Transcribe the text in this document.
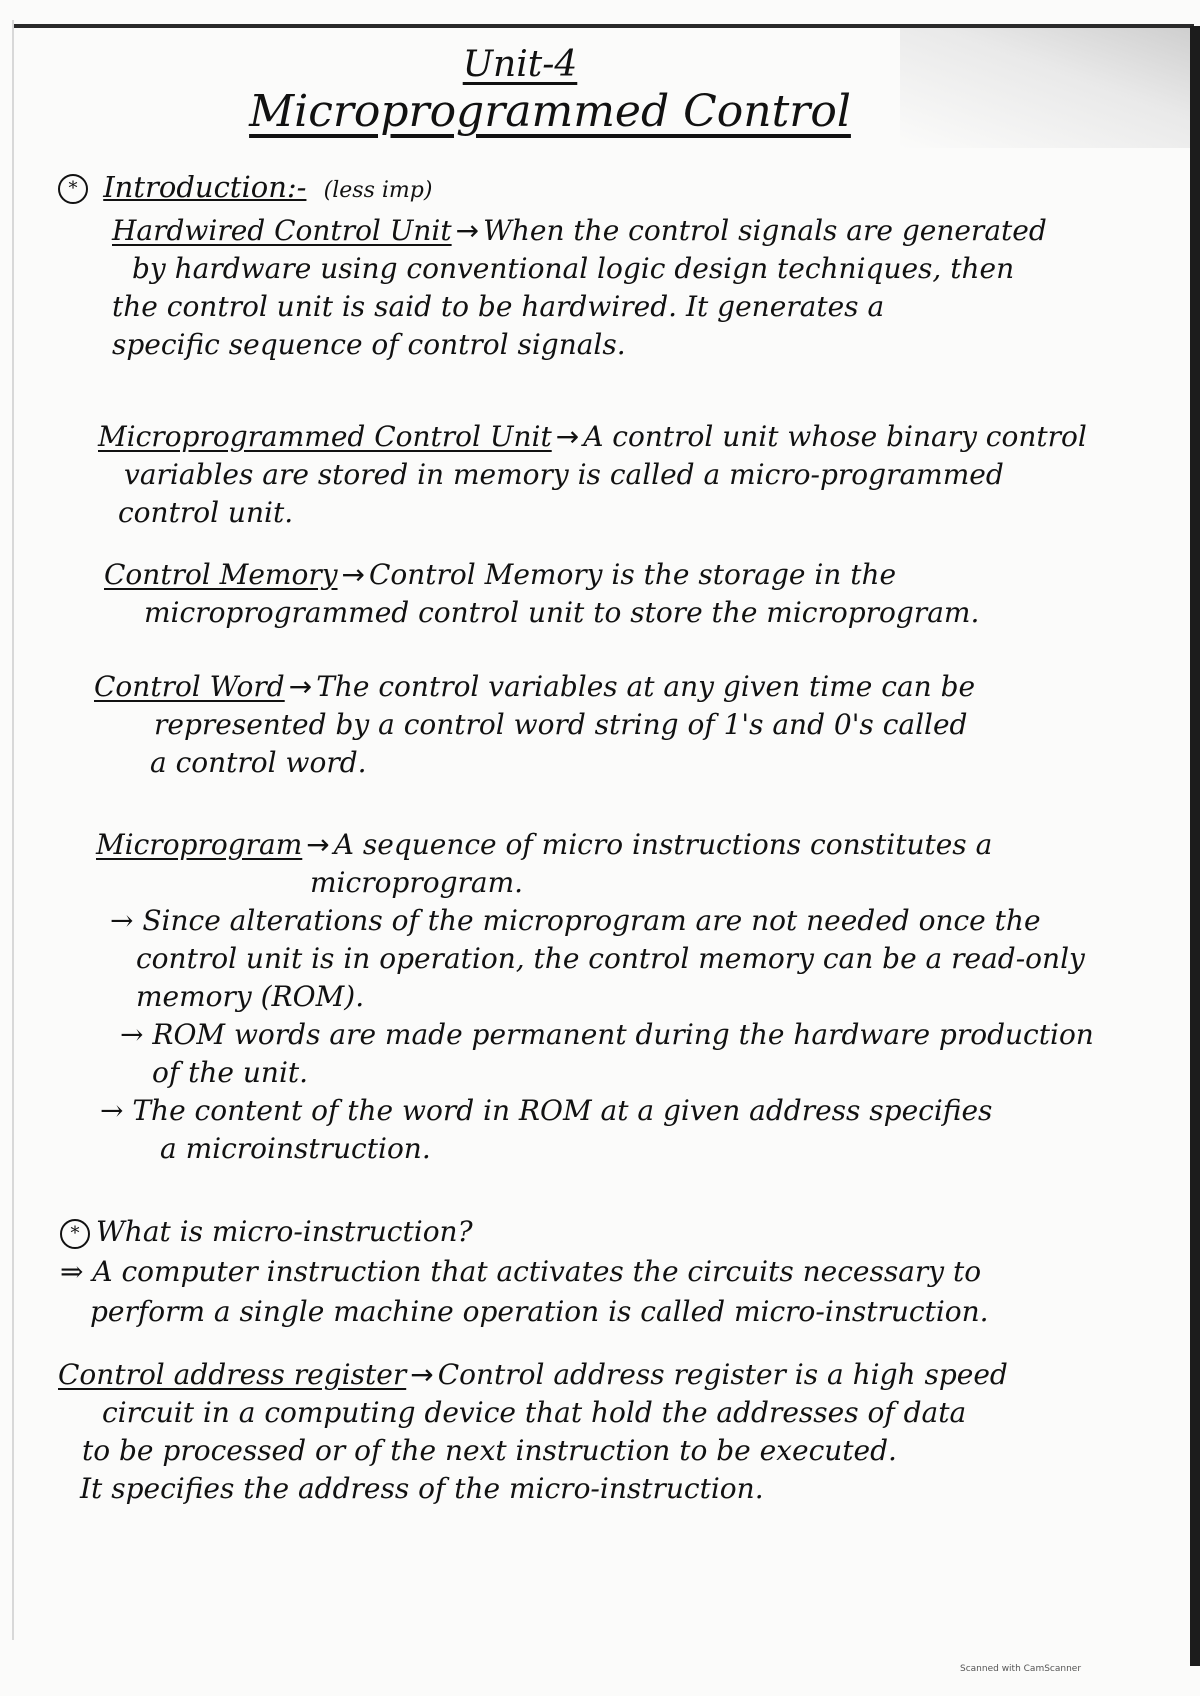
Unit-4
Microprogrammed Control
* Introduction:- (less imp)
Hardwired Control Unit → When the control signals are generated
by hardware using conventional logic design techniques, then
the control unit is said to be hardwired. It generates a
specific sequence of control signals.
Microprogrammed Control Unit → A control unit whose binary control
variables are stored in memory is called a micro-programmed
control unit.
Control Memory → Control Memory is the storage in the
microprogrammed control unit to store the microprogram.
Control Word → The control variables at any given time can be
represented by a control word string of 1's and 0's called
a control word.
Microprogram → A sequence of micro instructions constitutes a
microprogram.
→ Since alterations of the microprogram are not needed once the
control unit is in operation, the control memory can be a read-only
memory (ROM).
→ ROM words are made permanent during the hardware production
of the unit.
→ The content of the word in ROM at a given address specifies
a microinstruction.
* What is micro-instruction?
⇒ A computer instruction that activates the circuits necessary to
perform a single machine operation is called micro-instruction.
Control address register → Control address register is a high speed
circuit in a computing device that hold the addresses of data
to be processed or of the next instruction to be executed.
It specifies the address of the micro-instruction.
Scanned with CamScanner
